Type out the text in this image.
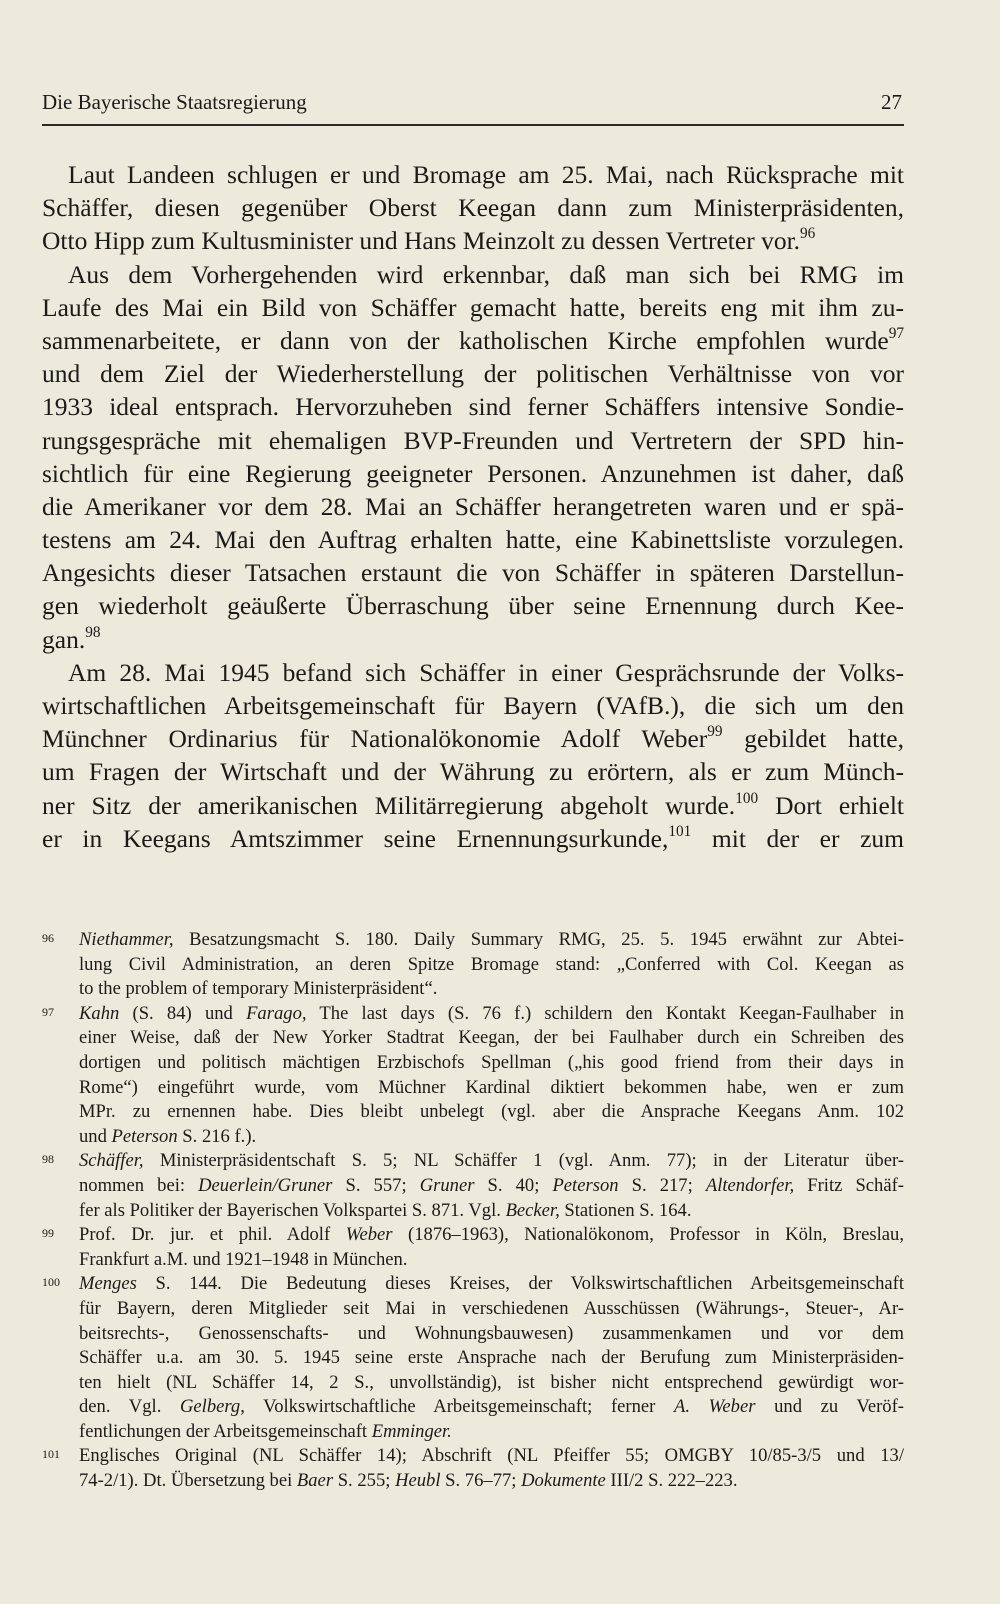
Die Bayerische Staatsregierung	27
Laut Landeen schlugen er und Bromage am 25. Mai, nach Rücksprache mit
Schäffer, diesen gegenüber Oberst Keegan dann zum Ministerpräsidenten,
Otto Hipp zum Kultusminister und Hans Meinzolt zu dessen Vertreter vor.$^{96}$
Aus dem Vorhergehenden wird erkennbar, daß man sich bei RMG im
Laufe des Mai ein Bild von Schäffer gemacht hatte, bereits eng mit ihm zu-
sammenarbeitete, er dann von der katholischen Kirche empfohlen wurde$^{97}$
und dem Ziel der Wiederherstellung der politischen Verhältnisse von vor
1933 ideal entsprach. Hervorzuheben sind ferner Schäffers intensive Sondie-
rungsgespräche mit ehemaligen BVP-Freunden und Vertretern der SPD hin-
sichtlich für eine Regierung geeigneter Personen. Anzunehmen ist daher, daß
die Amerikaner vor dem 28. Mai an Schäffer herangetreten waren und er spä-
testens am 24. Mai den Auftrag erhalten hatte, eine Kabinettsliste vorzulegen.
Angesichts dieser Tatsachen erstaunt die von Schäffer in späteren Darstellun-
gen wiederholt geäußerte Überraschung über seine Ernennung durch Kee-
gan.$^{98}$
Am 28. Mai 1945 befand sich Schäffer in einer Gesprächsrunde der Volks-
wirtschaftlichen Arbeitsgemeinschaft für Bayern (VAfB.), die sich um den
Münchner Ordinarius für Nationalökonomie Adolf Weber$^{99}$ gebildet hatte,
um Fragen der Wirtschaft und der Währung zu erörtern, als er zum Münch-
ner Sitz der amerikanischen Militärregierung abgeholt wurde.$^{100}$ Dort erhielt
er in Keegans Amtszimmer seine Ernennungsurkunde,$^{101}$ mit der er zum
96 Niethammer, Besatzungsmacht S. 180. Daily Summary RMG, 25. 5. 1945 erwähnt zur Abtei-
lung Civil Administration, an deren Spitze Bromage stand: „Conferred with Col. Keegan as
to the problem of temporary Ministerpräsident“.
97 Kahn (S. 84) und Farago, The last days (S. 76 f.) schildern den Kontakt Keegan-Faulhaber in
einer Weise, daß der New Yorker Stadtrat Keegan, der bei Faulhaber durch ein Schreiben des
dortigen und politisch mächtigen Erzbischofs Spellman („his good friend from their days in
Rome“) eingeführt wurde, vom Müchner Kardinal diktiert bekommen habe, wen er zum
MPr. zu ernennen habe. Dies bleibt unbelegt (vgl. aber die Ansprache Keegans Anm. 102
und Peterson S. 216 f.).
98 Schäffer, Ministerpräsidentschaft S. 5; NL Schäffer 1 (vgl. Anm. 77); in der Literatur über-
nommen bei: Deuerlein/Gruner S. 557; Gruner S. 40; Peterson S. 217; Altendorfer, Fritz Schäf-
fer als Politiker der Bayerischen Volkspartei S. 871. Vgl. Becker, Stationen S. 164.
99 Prof. Dr. jur. et phil. Adolf Weber (1876–1963), Nationalökonom, Professor in Köln, Breslau,
Frankfurt a.M. und 1921–1948 in München.
100 Menges S. 144. Die Bedeutung dieses Kreises, der Volkswirtschaftlichen Arbeitsgemeinschaft
für Bayern, deren Mitglieder seit Mai in verschiedenen Ausschüssen (Währungs-, Steuer-, Ar-
beitsrechts-, Genossenschafts- und Wohnungsbauwesen) zusammenkamen und vor dem
Schäffer u.a. am 30. 5. 1945 seine erste Ansprache nach der Berufung zum Ministerpräsiden-
ten hielt (NL Schäffer 14, 2 S., unvollständig), ist bisher nicht entsprechend gewürdigt wor-
den. Vgl. Gelberg, Volkswirtschaftliche Arbeitsgemeinschaft; ferner A. Weber und zu Veröf-
fentlichungen der Arbeitsgemeinschaft Emminger.
101 Englisches Original (NL Schäffer 14); Abschrift (NL Pfeiffer 55; OMGBY 10/85-3/5 und 13/
74-2/1). Dt. Übersetzung bei Baer S. 255; Heubl S. 76–77; Dokumente III/2 S. 222–223.
